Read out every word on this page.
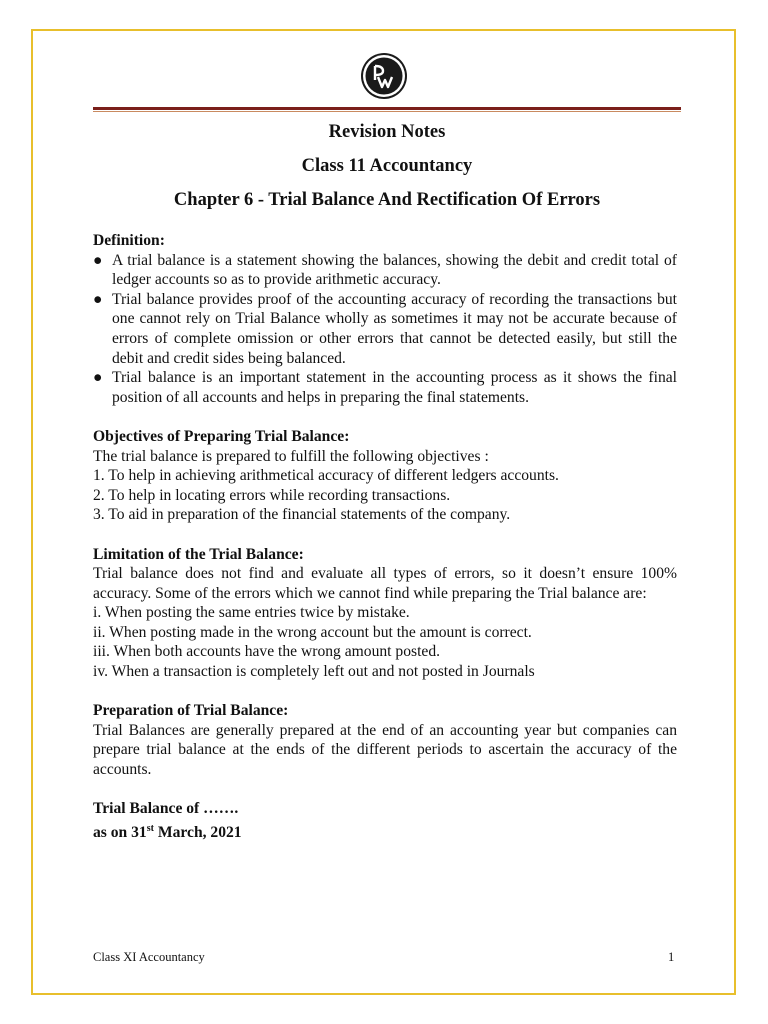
Revision Notes
Class 11 Accountancy
Chapter 6 - Trial Balance And Rectification Of Errors

Definition:

● A trial balance is a statement showing the balances, showing the debit and credit total of ledger accounts so as to provide arithmetic accuracy.

● Trial balance provides proof of the accounting accuracy of recording the transactions but one cannot rely on Trial Balance wholly as sometimes it may not be accurate because of errors of complete omission or other errors that cannot be detected easily, but still the debit and credit sides being balanced.

● Trial balance is an important statement in the accounting process as it shows the final position of all accounts and helps in preparing the final statements.

Objectives of Preparing Trial Balance:

The trial balance is prepared to fulfill the following objectives :

1. To help in achieving arithmetical accuracy of different ledgers accounts.

2. To help in locating errors while recording transactions.

3. To aid in preparation of the financial statements of the company.

Limitation of the Trial Balance:

Trial balance does not find and evaluate all types of errors, so it doesn’t ensure 100% accuracy. Some of the errors which we cannot find while preparing the Trial balance are:

i. When posting the same entries twice by mistake.

ii. When posting made in the wrong account but the amount is correct.

iii. When both accounts have the wrong amount posted.

iv. When a transaction is completely left out and not posted in Journals

Preparation of Trial Balance:

Trial Balances are generally prepared at the end of an accounting year but companies can prepare trial balance at the ends of the different periods to ascertain the accuracy of the accounts.

Trial Balance of …….

as on 31st March, 2021

Class XI Accountancy	1
